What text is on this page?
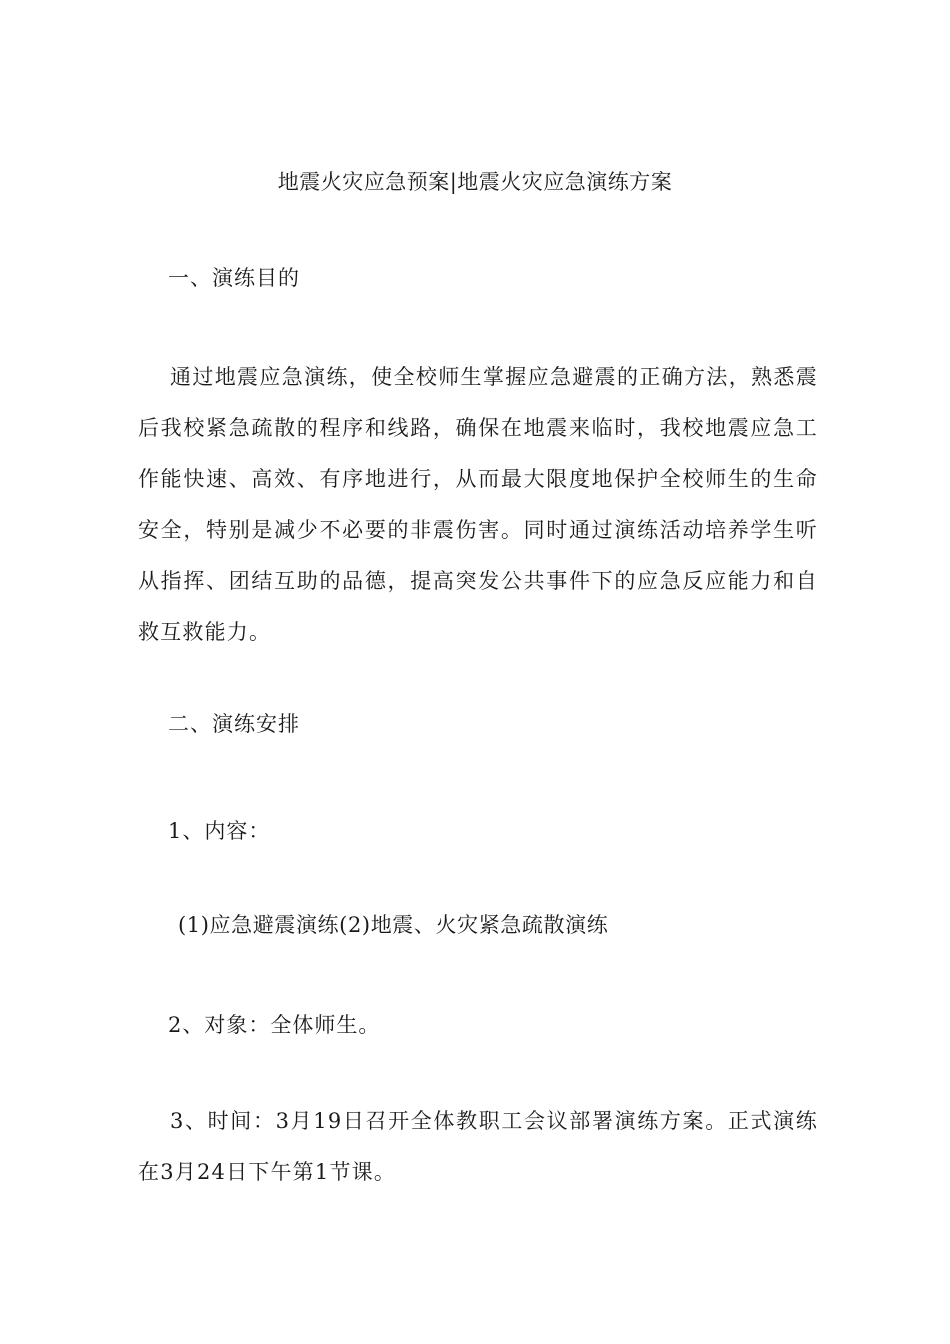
地震火灾应急预案|地震火灾应急演练方案
一、演练目的

通过地震应急演练，使全校师生掌握应急避震的正确方法，熟悉震后我校紧急疏散的程序和线路，确保在地震来临时，我校地震应急工作能快速、高效、有序地进行，从而最大限度地保护全校师生的生命安全，特别是减少不必要的非震伤害。同时通过演练活动培养学生听从指挥、团结互助的品德，提高突发公共事件下的应急反应能力和自救互救能力。

二、演练安排
1、内容：
(1)应急避震演练(2)地震、火灾紧急疏散演练
2、对象：全体师生。

3、时间：3月19日召开全体教职工会议部署演练方案。正式演练在3月24日下午第1节课。
